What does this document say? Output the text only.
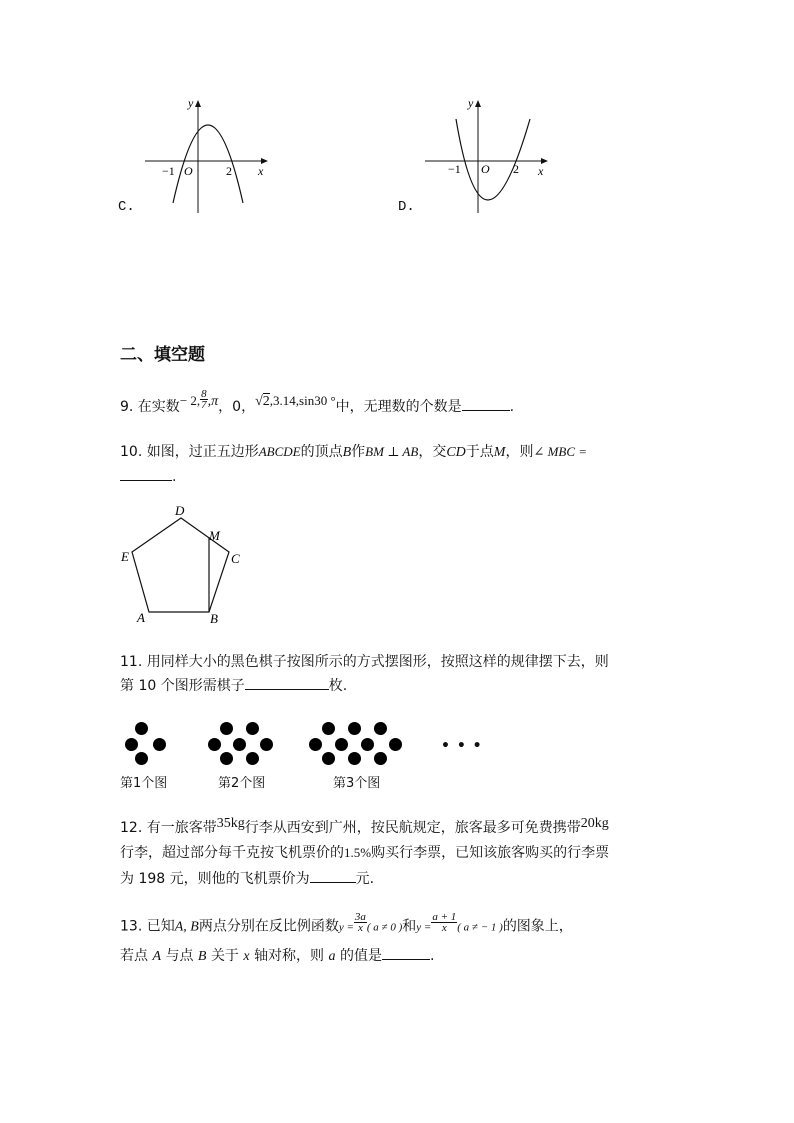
y
x
O
−1	2
C.
y
x
O
−1	2
D.
二、填空题
9. 在实数− 2, $\frac{8}{7} ,\pi$，0，√2,3.14,sin30 °中，无理数的个数是	.
10. 如图，过正五边形ABCDE的顶点B作BM ⊥ AB，交CD于点M，则∠ MBC =
.
D
M
E	C
A	B
11. 用同样大小的黑色棋子按图所示的方式摆图形，按照这样的规律摆下去，则
第 10 个图形需棋子	枚.
• • •
第1个图	第2个图	第3个图
12. 有一旅客带35kg行李从西安到广州，按民航规定，旅客最多可免费携带20kg
行李，超过部分每千克按飞机票价的1.5%购买行李票，已知该旅客购买的行李票
为 198 元，则他的飞机票价为	元.
13. 已知A, B两点分别在反比例函数$y = \frac{3a}{x}$ ( a ≠ 0 )和$y = \frac{a + 1}{x}$ ( a ≠ − 1 )的图象上，
若点 A 与点 B 关于 x 轴对称，则 a 的值是	.
